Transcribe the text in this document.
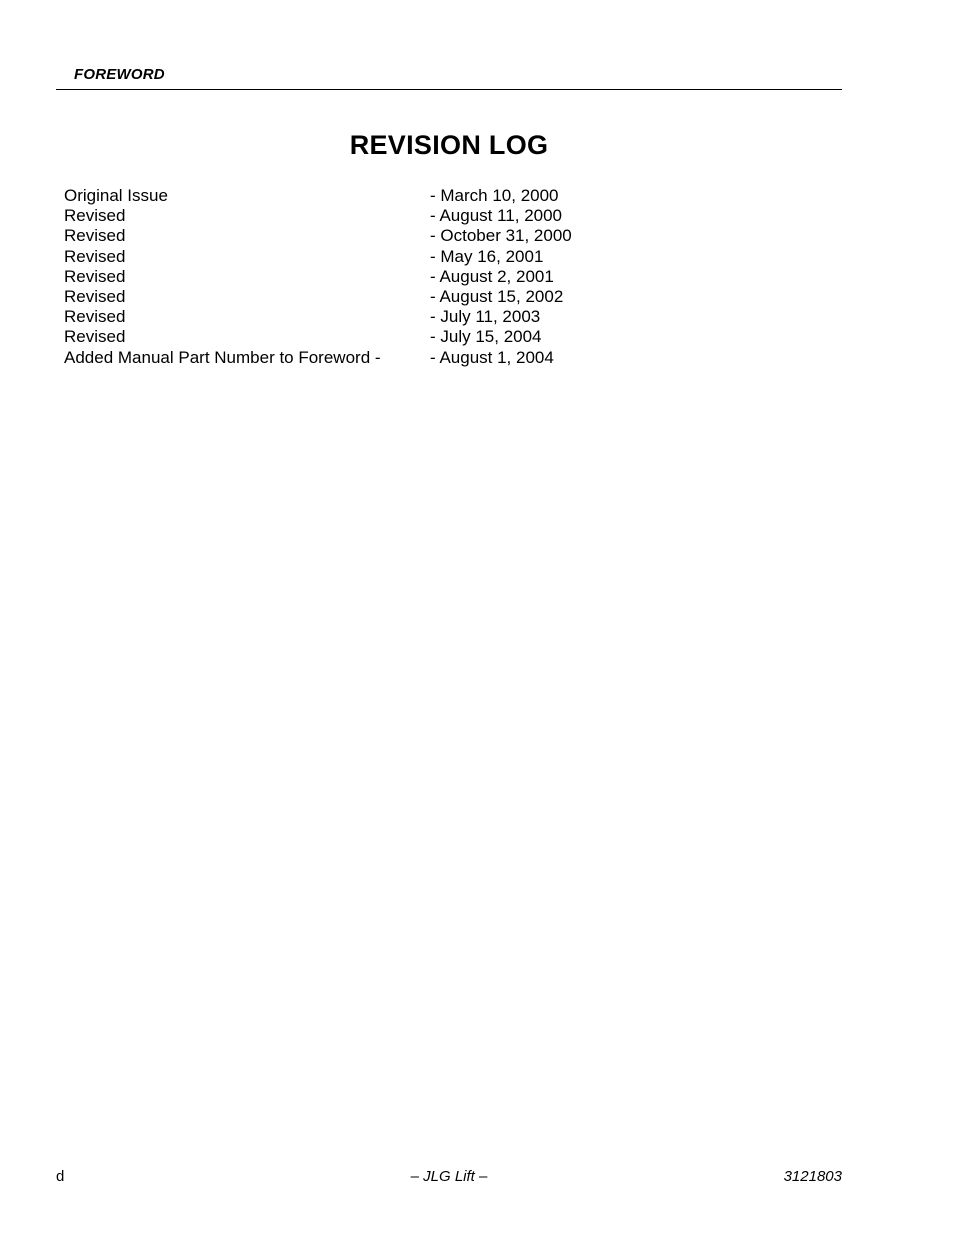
FOREWORD
REVISION LOG
Original Issue	- March 10, 2000
Revised	- August 11, 2000
Revised	- October 31, 2000
Revised	- May 16, 2001
Revised	- August 2, 2001
Revised	- August 15, 2002
Revised	- July 11, 2003
Revised	- July 15, 2004
Added Manual Part Number to Foreword -	- August 1, 2004
d	– JLG Lift –	3121803
